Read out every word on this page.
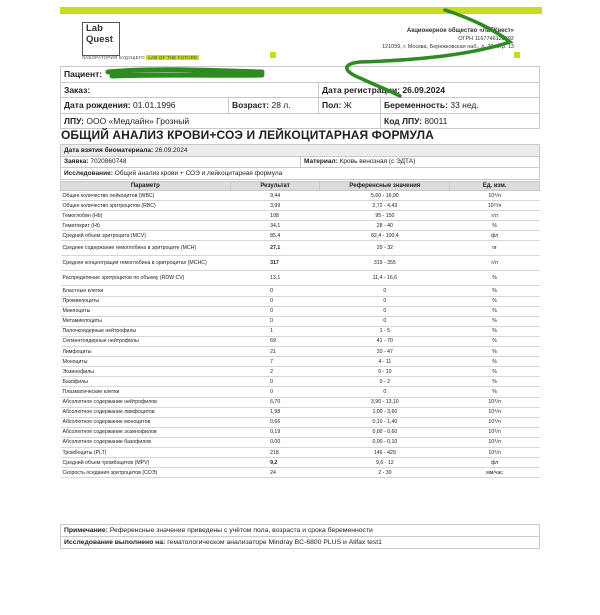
Lab
Quest
ЛАБОРАТОРИЯ БУДУЩЕГО LAB OF THE FUTURE
Акционерное общество «ЛабКвест»
ОГРН 1167746128692
121059, г. Москва, Бережковская наб., д. 20, стр. 13
Пациент:			
Заказ:		Дата регистрации: 26.09.2024	
Дата рождения: 01.01.1996	Возраст: 28 л.	Пол: Ж	Беременность: 33 нед.
ЛПУ: ООО «Медлайн» Грозный			Код ЛПУ: 80011
ОБЩИЙ АНАЛИЗ КРОВИ+СОЭ И ЛЕЙКОЦИТАРНАЯ ФОРМУЛА
Дата взятия биоматериала: 26.09.2024
Заявка: 7020860748	Материал: Кровь венозная (с ЭДТА)
Исследование: Общий анализ крови + СОЭ и лейкоцитарная формула
Параметр	Результат	Референсные значения	Ед. изм.
Общее количество лейкоцитов (WBC)	9,44	5,60 - 16,90	10⁹/л
Общее количество эритроцитов (RBC)	3,99	2,72 - 4,43	10¹²/л
Гемоглобин (Hb)	108	95 - 150	г/л
Гематокрит (Ht)	34,1	28 - 40	%
Средний объем эритроцита (MCV)	85,4	82,4 - 100,4	фл
Среднее содержание гемоглобина в эритроците (MCH)	27,1	29 - 32	пг
Средняя концентрация гемоглобина в эритроцитах (MCHC)	317	319 - 355	г/л
Распределение эритроцитов по объему (RDW CV)	13,1	11,4 - 16,6	%
Бластные клетки	0	0	%
Промиелоциты	0	0	%
Миелоциты	0	0	%
Метамиелоциты	0	0	%
Палочкоядерные нейтрофилы	1	1 - 5	%
Сегментоядерные нейтрофилы	69	41 - 70	%
Лимфоциты	21	20 - 47	%
Моноциты	7	4 - 11	%
Эозинофилы	2	0 - 10	%
Базофилы	0	0 - 2	%
Плазматические клетки	0	0	%
Абсолютное содержание нейтрофилов	6,70	3,90 - 13,10	10⁹/л
Абсолютное содержание лимфоцитов	1,98	1,00 - 3,60	10⁹/л
Абсолютное содержание моноцитов	0,66	0,10 - 1,40	10⁹/л
Абсолютное содержание эозинофилов	0,19	0,00 - 0,60	10⁹/л
Абсолютное содержание базофилов	0,00	0,00 - 0,10	10⁹/л
Тромбоциты (PLT)	218	146 - 429	10⁹/л
Средний объем тромбоцитов (MPV)	9,2	9,6 - 12	фл
Скорость оседания эритроцитов (СОЭ)	24	2 - 30	мм/час
Примечание: Референсные значение приведены с учётом пола, возраста и срока беременности
Исследование выполнено на: гематологическом анализаторе Mindray BC-6800 PLUS и Alifax test1
